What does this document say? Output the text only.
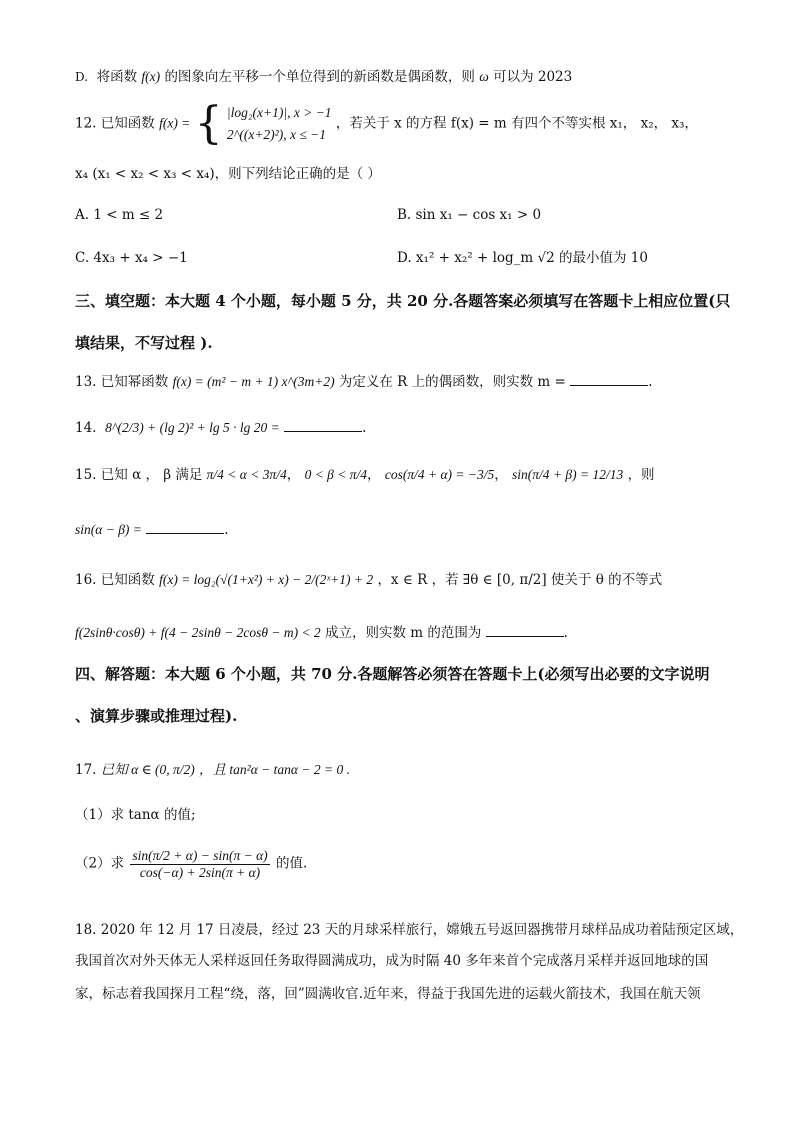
D. 将函数 f(x) 的图象向左平移一个单位得到的新函数是偶函数，则 ω 可以为 2023
12. 已知函数 f(x) = { |log₂(x+1)|, x > −1
2^((x+2)²), x ≤ −1
，若关于 x 的方程 f(x) = m 有四个不等实根 x₁， x₂， x₃，
x₄ (x₁ < x₂ < x₃ < x₄)，则下列结论正确的是（ ）
A. 1 < m ≤ 2	B. sin x₁ − cos x₁ > 0
C. 4x₃ + x₄ > −1	D. x₁² + x₂² + log_m √2 的最小值为 10
三、填空题：本大题 4 个小题，每小题 5 分，共 20 分.各题答案必须填写在答题卡上相应位置(只
填结果，不写过程 ).
13. 已知幂函数 f(x) = (m² − m + 1) x^(3m+2) 为定义在 R 上的偶函数，则实数 m =	.
14. 8^(2/3) + (lg 2)² + lg 5 · lg 20 =	.
15. 已知 α ， β 满足 π/4 < α < 3π/4， 0 < β < π/4， cos(π/4 + α) = −3/5， sin(π/4 + β) = 12/13 ，则
sin(α − β) =	.
16. 已知函数 f(x) = log₂(√(1+x²) + x) − 2/(2ˣ+1) + 2 ，x ∈ R ，若 ∃θ ∈ [0, π/2] 使关于 θ 的不等式
f(2sinθ·cosθ) + f(4 − 2sinθ − 2cosθ − m) < 2 成立，则实数 m 的范围为	.
四、解答题：本大题 6 个小题，共 70 分.各题解答必须答在答题卡上(必须写出必要的文字说明
、演算步骤或推理过程).
17. 已知 α ∈ (0, π/2) ，且 tan²α − tanα − 2 = 0 .
（1）求 tanα 的值;
（2）求 $\frac{\sin(\pi/2 + \alpha) - \sin(\pi - \alpha)}{\cos(-\alpha) + 2\sin(\pi + \alpha)}$ 的值.
18. 2020 年 12 月 17 日凌晨，经过 23 天的月球采样旅行，嫦娥五号返回器携带月球样品成功着陆预定区域，
我国首次对外天体无人采样返回任务取得圆满成功，成为时隔 40 多年来首个完成落月采样并返回地球的国
家，标志着我国探月工程“绕，落，回”圆满收官.近年来，得益于我国先进的运载火箭技术，我国在航天领
